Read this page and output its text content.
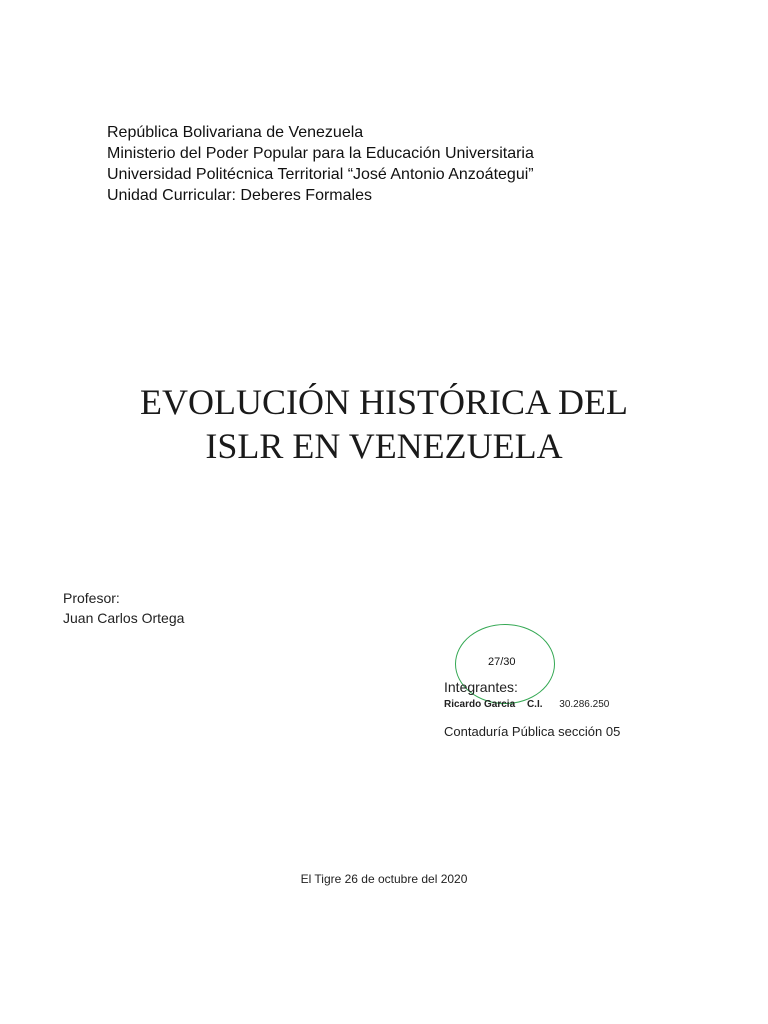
República Bolivariana de Venezuela
Ministerio del Poder Popular para la Educación Universitaria
Universidad Politécnica Territorial “José Antonio Anzoátegui”
Unidad Curricular: Deberes Formales
EVOLUCIÓN HISTÓRICA DEL
ISLR EN VENEZUELA
Profesor:
Juan Carlos Ortega
27/30
Integrantes:
Ricardo Garcia C.I. 30.286.250
Contaduría Pública sección 05
El Tigre 26 de octubre del 2020
